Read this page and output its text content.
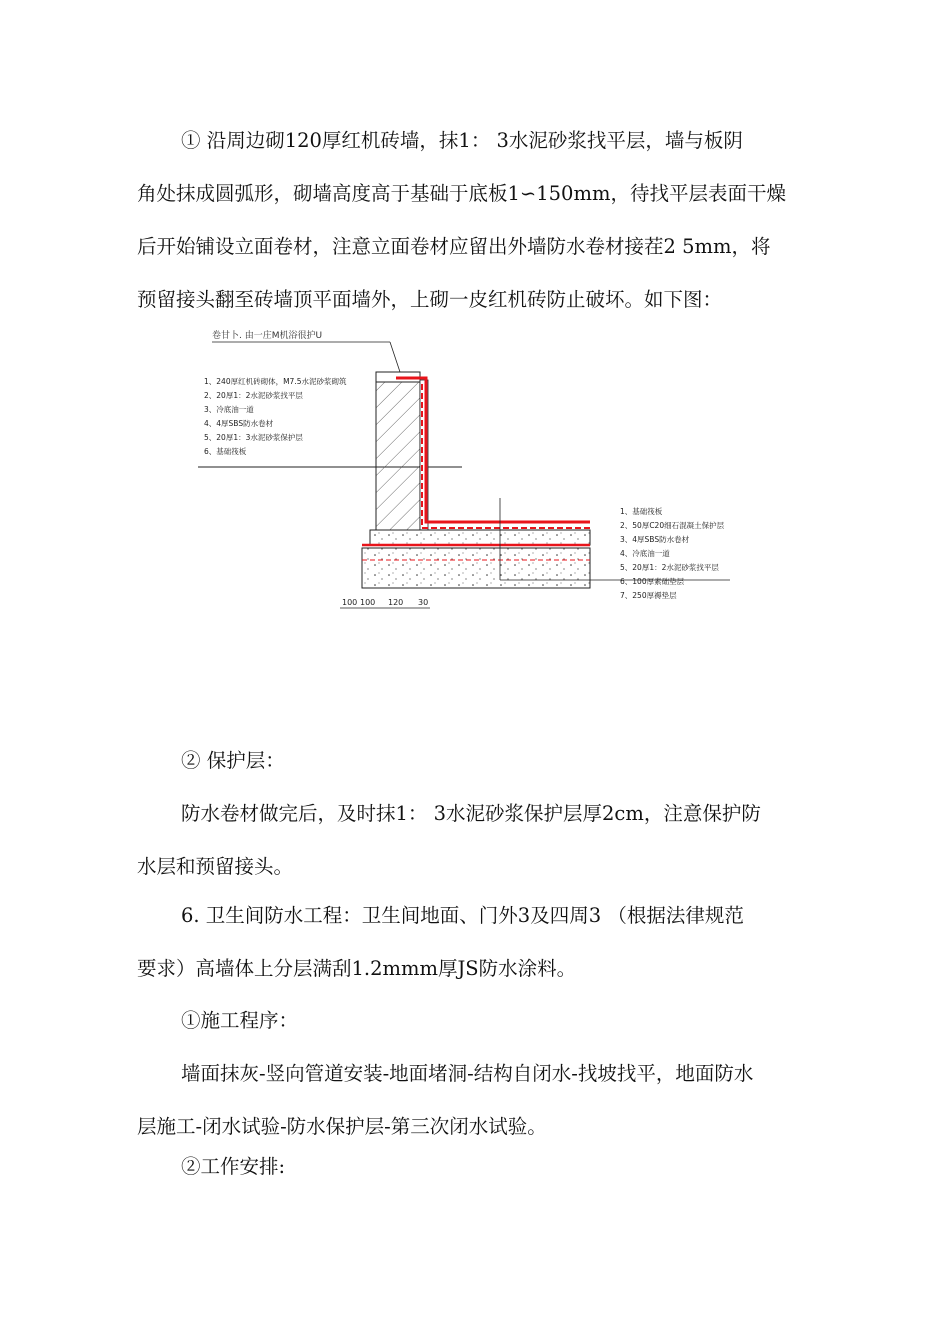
① 沿周边砌120厚红机砖墙，抹1： 3水泥砂浆找平层，墙与板阴
角处抹成圆弧形，砌墙高度高于基础于底板1∽150mm，待找平层表面干燥
后开始铺设立面卷材，注意立面卷材应留出外墙防水卷材接茬2 5mm，将
预留接头翻至砖墙顶平面墙外，上砌一皮红机砖防止破坏。如下图：
卷甘卜. 由一庄M机浴很护U
1、240厚红机砖砌体，M7.5水泥砂浆砌筑
2、20厚1：2水泥砂浆找平层
3、冷底油一道
4、4厚SBS防水卷材
5、20厚1：3水泥砂浆保护层
6、基础筏板
1、基础筏板
2、50厚C20细石混凝土保护层
3、4厚SBS防水卷材
4、冷底油一道
5、20厚1：2水泥砂浆找平层
6、100厚素础垫层
7、250厚褥垫层
100 100 120 30
② 保护层：
防水卷材做完后，及时抹1： 3水泥砂浆保护层厚2cm，注意保护防
水层和预留接头。
6. 卫生间防水工程：卫生间地面、门外3及四周3 （根据法律规范
要求）高墙体上分层满刮1.2mmm厚JS防水涂料。
①施工程序：
墙面抹灰-竖向管道安装-地面堵洞-结构自闭水-找坡找平，地面防水
层施工-闭水试验-防水保护层-第三次闭水试验。
②工作安排:
